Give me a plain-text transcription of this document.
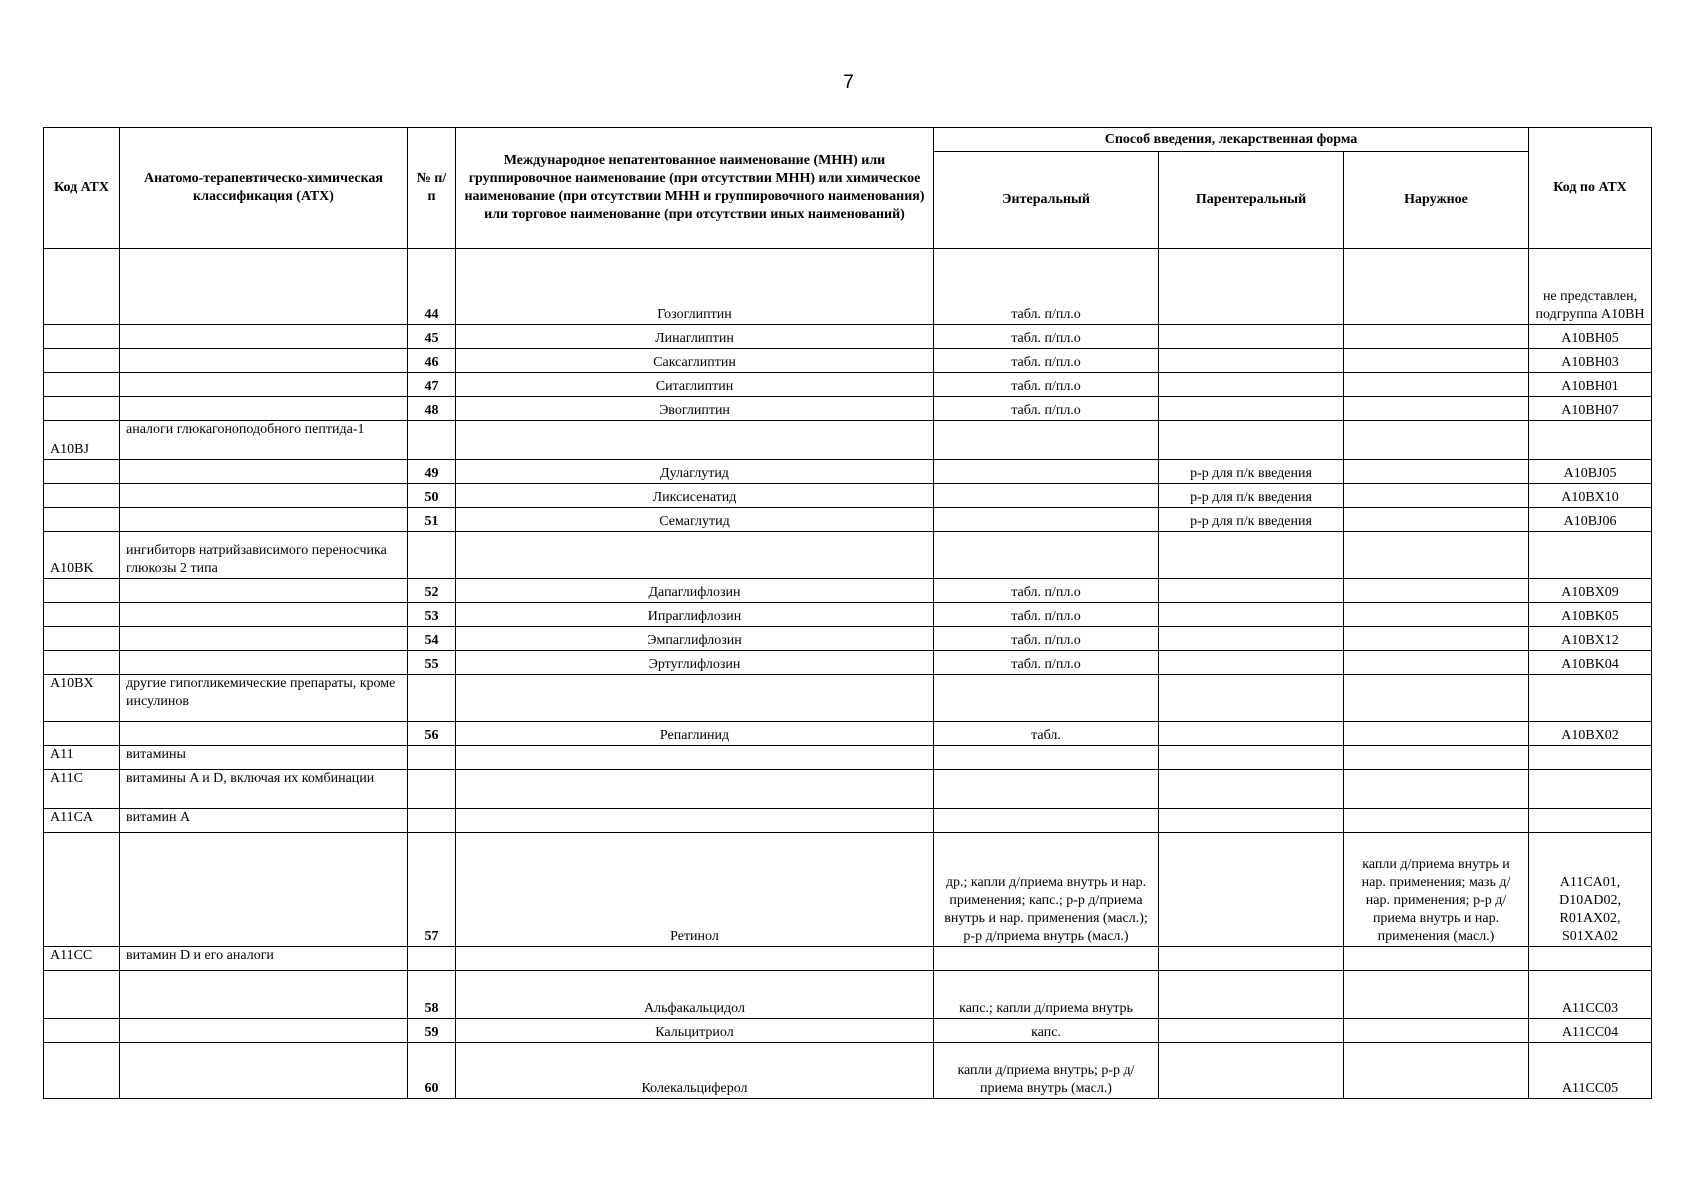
7
Код АТХ	Анатомо-терапевтическо-химическая классификация (АТХ)	№ п/п	Международное непатентованное наименование (МНН) или группировочное наименование (при отсутствии МНН) или химическое наименование (при отсутствии МНН и группировочного наименования) или торговое наименование (при отсутствии иных наименований)	Способ введения, лекарственная форма			Код по АТХ
				Энтеральный	Парентеральный	Наружное	
		44	Гозоглиптин	табл. п/пл.о			не представлен, подгруппа A10BH
		45	Линаглиптин	табл. п/пл.о			A10BH05
		46	Саксаглиптин	табл. п/пл.о			A10BH03
		47	Ситаглиптин	табл. п/пл.о			A10BH01
		48	Эвоглиптин	табл. п/пл.о			A10BH07
A10BJ	аналоги глюкагоноподобного пептида-1						
		49	Дулаглутид		р-р для п/к введения		A10BJ05
		50	Ликсисенатид		р-р для п/к введения		A10BX10
		51	Семаглутид		р-р для п/к введения		A10BJ06
A10BK	ингибиторв натрийзависимого переносчика глюкозы 2 типа						
		52	Дапаглифлозин	табл. п/пл.о			A10BX09
		53	Ипраглифлозин	табл. п/пл.о			A10BK05
		54	Эмпаглифлозин	табл. п/пл.о			A10BX12
		55	Эртуглифлозин	табл. п/пл.о			A10BK04
A10BX	другие гипогликемические препараты, кроме инсулинов						
		56	Репаглинид	табл.			A10BX02
A11	витамины						
A11C	витамины A и D, включая их комбинации						
A11CA	витамин A						
		57	Ретинол	др.; капли д/приема внутрь и нар. применения; капс.; р-р д/приема внутрь и нар. применения (масл.); р-р д/приема внутрь (масл.)		капли д/приема внутрь и нар. применения; мазь д/нар. применения; р-р д/приема внутрь и нар. применения (масл.)	A11CA01, D10AD02, R01AX02, S01XA02
A11CC	витамин D и его аналоги						
		58	Альфакальцидол	капс.; капли д/приема внутрь			A11CC03
		59	Кальцитриол	капс.			A11CC04
		60	Колекальциферол	капли д/приема внутрь; р-р д/приема внутрь (масл.)			A11CC05
